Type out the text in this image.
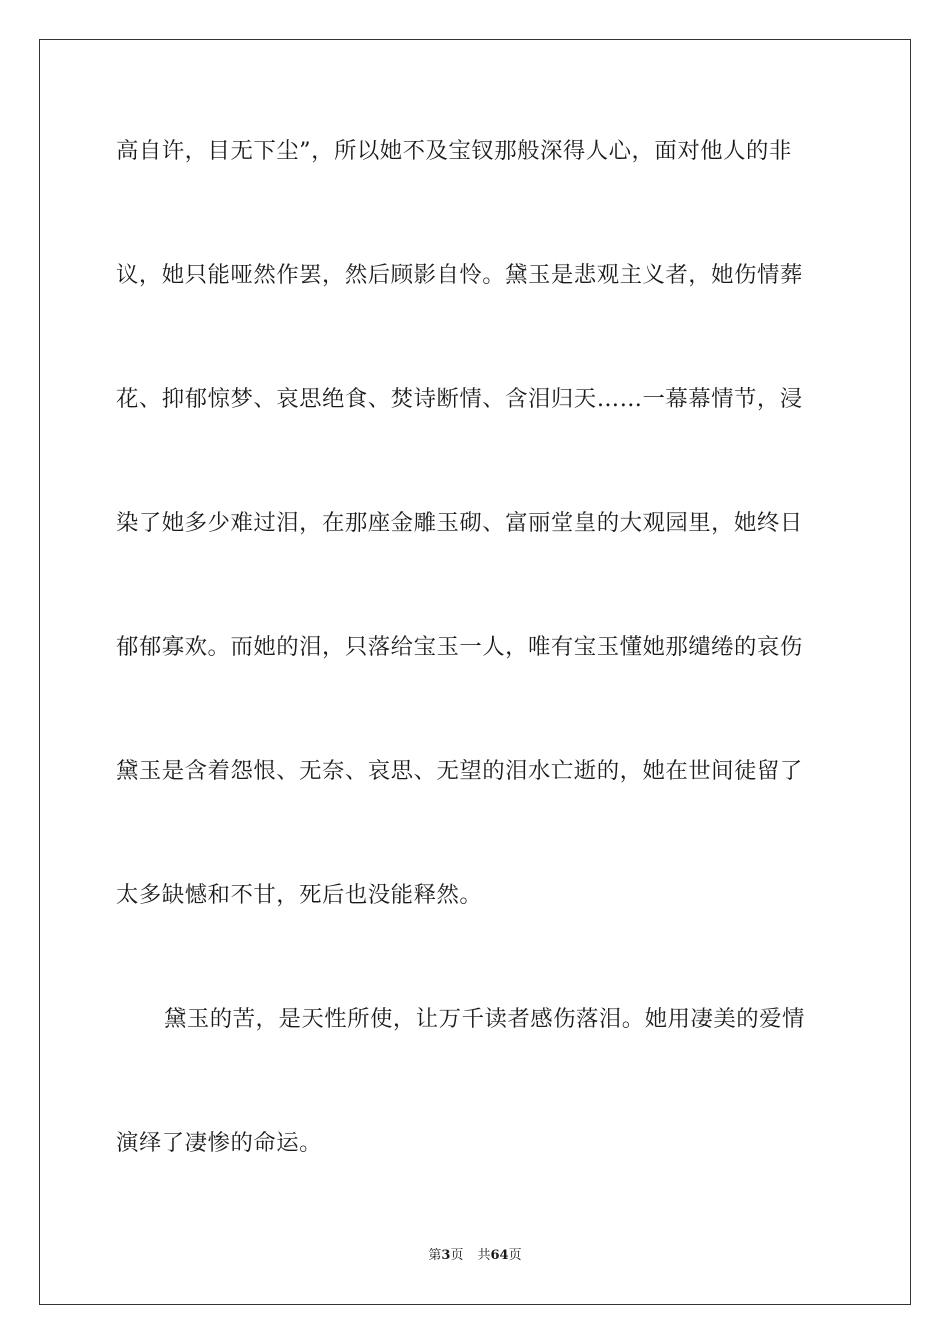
高自许，目无下尘”，所以她不及宝钗那般深得人心，面对他人的非
议，她只能哑然作罢，然后顾影自怜。黛玉是悲观主义者，她伤情葬
花、抑郁惊梦、哀思绝食、焚诗断情、含泪归天……一幕幕情节，浸
染了她多少难过泪，在那座金雕玉砌、富丽堂皇的大观园里，她终日
郁郁寡欢。而她的泪，只落给宝玉一人，唯有宝玉懂她那缱绻的哀伤
黛玉是含着怨恨、无奈、哀思、无望的泪水亡逝的，她在世间徒留了
太多缺憾和不甘，死后也没能释然。
黛玉的苦，是天性所使，让万千读者感伤落泪。她用凄美的爱情
演绎了凄惨的命运。
第3页 共64页
